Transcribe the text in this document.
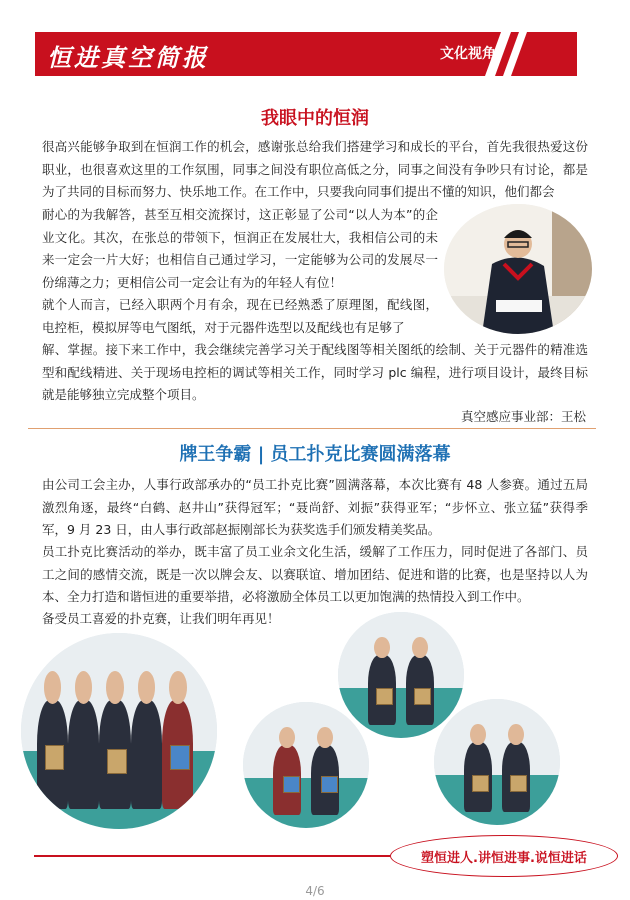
恒进真空简报	文化视角
我眼中的恒润

很高兴能够争取到在恒润工作的机会，感谢张总给我们搭建学习和成长的平台，首先我很热爱这份职业，也很喜欢这里的工作氛围，同事之间没有职位高低之分，同事之间没有争吵只有讨论，都是为了共同的目标而努力、快乐地工作。在工作中，只要我向同事们提出不懂的知识，他们都会

耐心的为我解答，甚至互相交流探讨，这正彰显了公司“以人为本”的企业文化。其次，在张总的带领下，恒润正在发展壮大，我相信公司的未来一定会一片大好；也相信自己通过学习，一定能够为公司的发展尽一份绵薄之力；更相信公司一定会让有为的年轻人有位！

就个人而言，已经入职两个月有余，现在已经熟悉了原理图，配线图，电控柜，模拟屏等电气图纸，对于元器件选型以及配线也有足够了

解、掌握。接下来工作中，我会继续完善学习关于配线图等相关图纸的绘制、关于元器件的精准选型和配线精进、关于现场电控柜的调试等相关工作，同时学习 plc 编程，进行项目设计，最终目标就是能够独立完成整个项目。

真空感应事业部：王松
牌王争霸 | 员工扑克比赛圆满落幕

由公司工会主办，人事行政部承办的“员工扑克比赛”圆满落幕，本次比赛有 48 人参赛。通过五局激烈角逐，最终“白鹤、赵井山”获得冠军；“聂尚舒、刘振”获得亚军；“步怀立、张立猛”获得季军，9 月 23 日，由人事行政部赵振刚部长为获奖选手们颁发精美奖品。

员工扑克比赛活动的举办，既丰富了员工业余文化生活，缓解了工作压力，同时促进了各部门、员工之间的感情交流，既是一次以牌会友、以赛联谊、增加团结、促进和谐的比赛，也是坚持以人为本、全力打造和谐恒进的重要举措，必将激励全体员工以更加饱满的热情投入到工作中。

备受员工喜爱的扑克赛，让我们明年再见！

塑恒进人.讲恒进事.说恒进话
4/6
